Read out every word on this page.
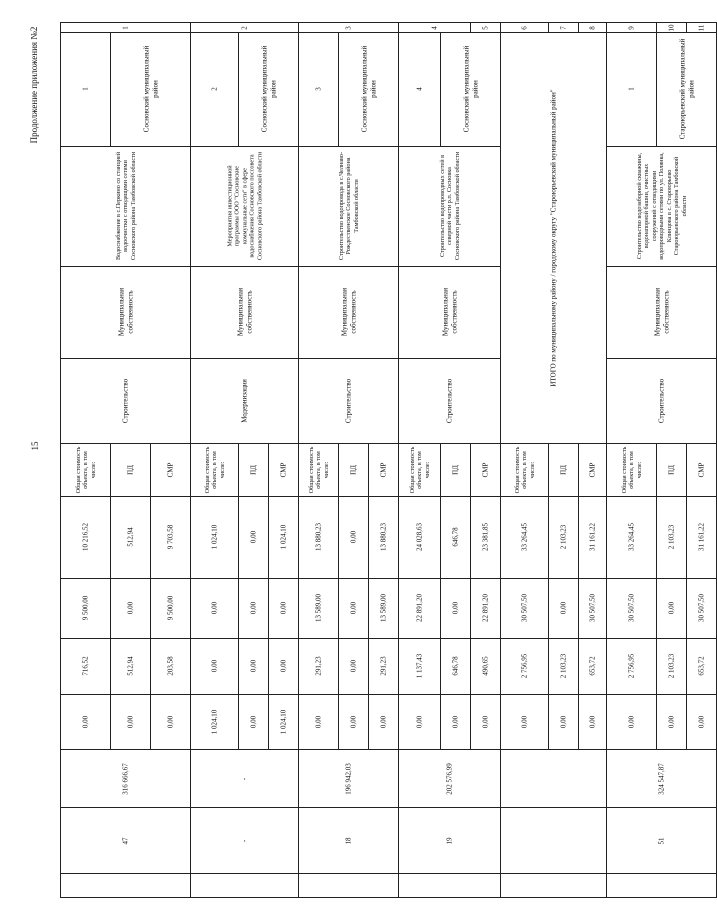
15
Продолжение приложения №2	1			2			3			4		5	6	7	8	9	10	11

1	Сосновский муниципальный район		2	Сосновский муниципальный район		3	Сосновский муниципальный район		4	Сосновский муниципальный район		ИТОГО по муниципальному району / городскому округу "Староюрьевский муниципальный район"			1	Староюрьевский муниципальный район	

Водоснабжение в с.Перкино со станцией водоочистки с отводящими сетями Сосновского района Тамбовской области			Мероприятия инвестиционной программы ООО "Сосновские коммунальные сети" в сфере водоснабжения Сосновского поссовета Сосновского района Тамбовской области			Строительство водопровода в с.Челнаво-Рождественское Сосновского района Тамбовской области			Строительство водопроводных сетей в северной части р.п. Сосновка Сосновского района Тамбовской области						Строительство водозаборной скважины, водонапорной башни, очистных сооружений с отводящими водопроводными сетями по ул. Полянка, Клинцова в с. Староюрьево Староюрьевского района Тамбовской области		

Муниципальная собственность			Муниципальная собственность			Муниципальная собственность			Муниципальная собственность						Муниципальная собственность		

Строительство			Модернизация			Строительство			Строительство						Строительство		

Общая стоимость объекта, в том числе:	ПД	СМР	Общая стоимость объекта, в том числе:	ПД	СМР	Общая стоимость объекта, в том числе:	ПД	СМР	Общая стоимость объекта, в том числе:	ПД	СМР	Общая стоимость объекта, в том числе:	ПД	СМР	Общая стоимость объекта, в том числе:	ПД	СМР

10 216,52	512,94	9 703,58	1 024,10	0,00	1 024,10	13 880,23	0,00	13 880,23	24 028,63	646,78	23 381,85	33 264,45	2 103,23	31 161,22	33 264,45	2 103,23	31 161,22

9 500,00	0,00	9 500,00	0,00	0,00	0,00	13 589,00	0,00	13 589,00	22 891,20	0,00	22 891,20	30 507,50	0,00	30 507,50	30 507,50	0,00	30 507,50

716,52	512,94	203,58	0,00	0,00	0,00	291,23	0,00	291,23	1 137,43	646,78	490,65	2 756,95	2 103,23	653,72	2 756,95	2 103,23	653,72

0,00	0,00	0,00	1 024,10	0,00	1 024,10	0,00	0,00	0,00	0,00	0,00	0,00	0,00	0,00	0,00	0,00	0,00	0,00

316 666,67			-			196 942,03			202 576,99						324 547,87		

47			-			18			19						51		
